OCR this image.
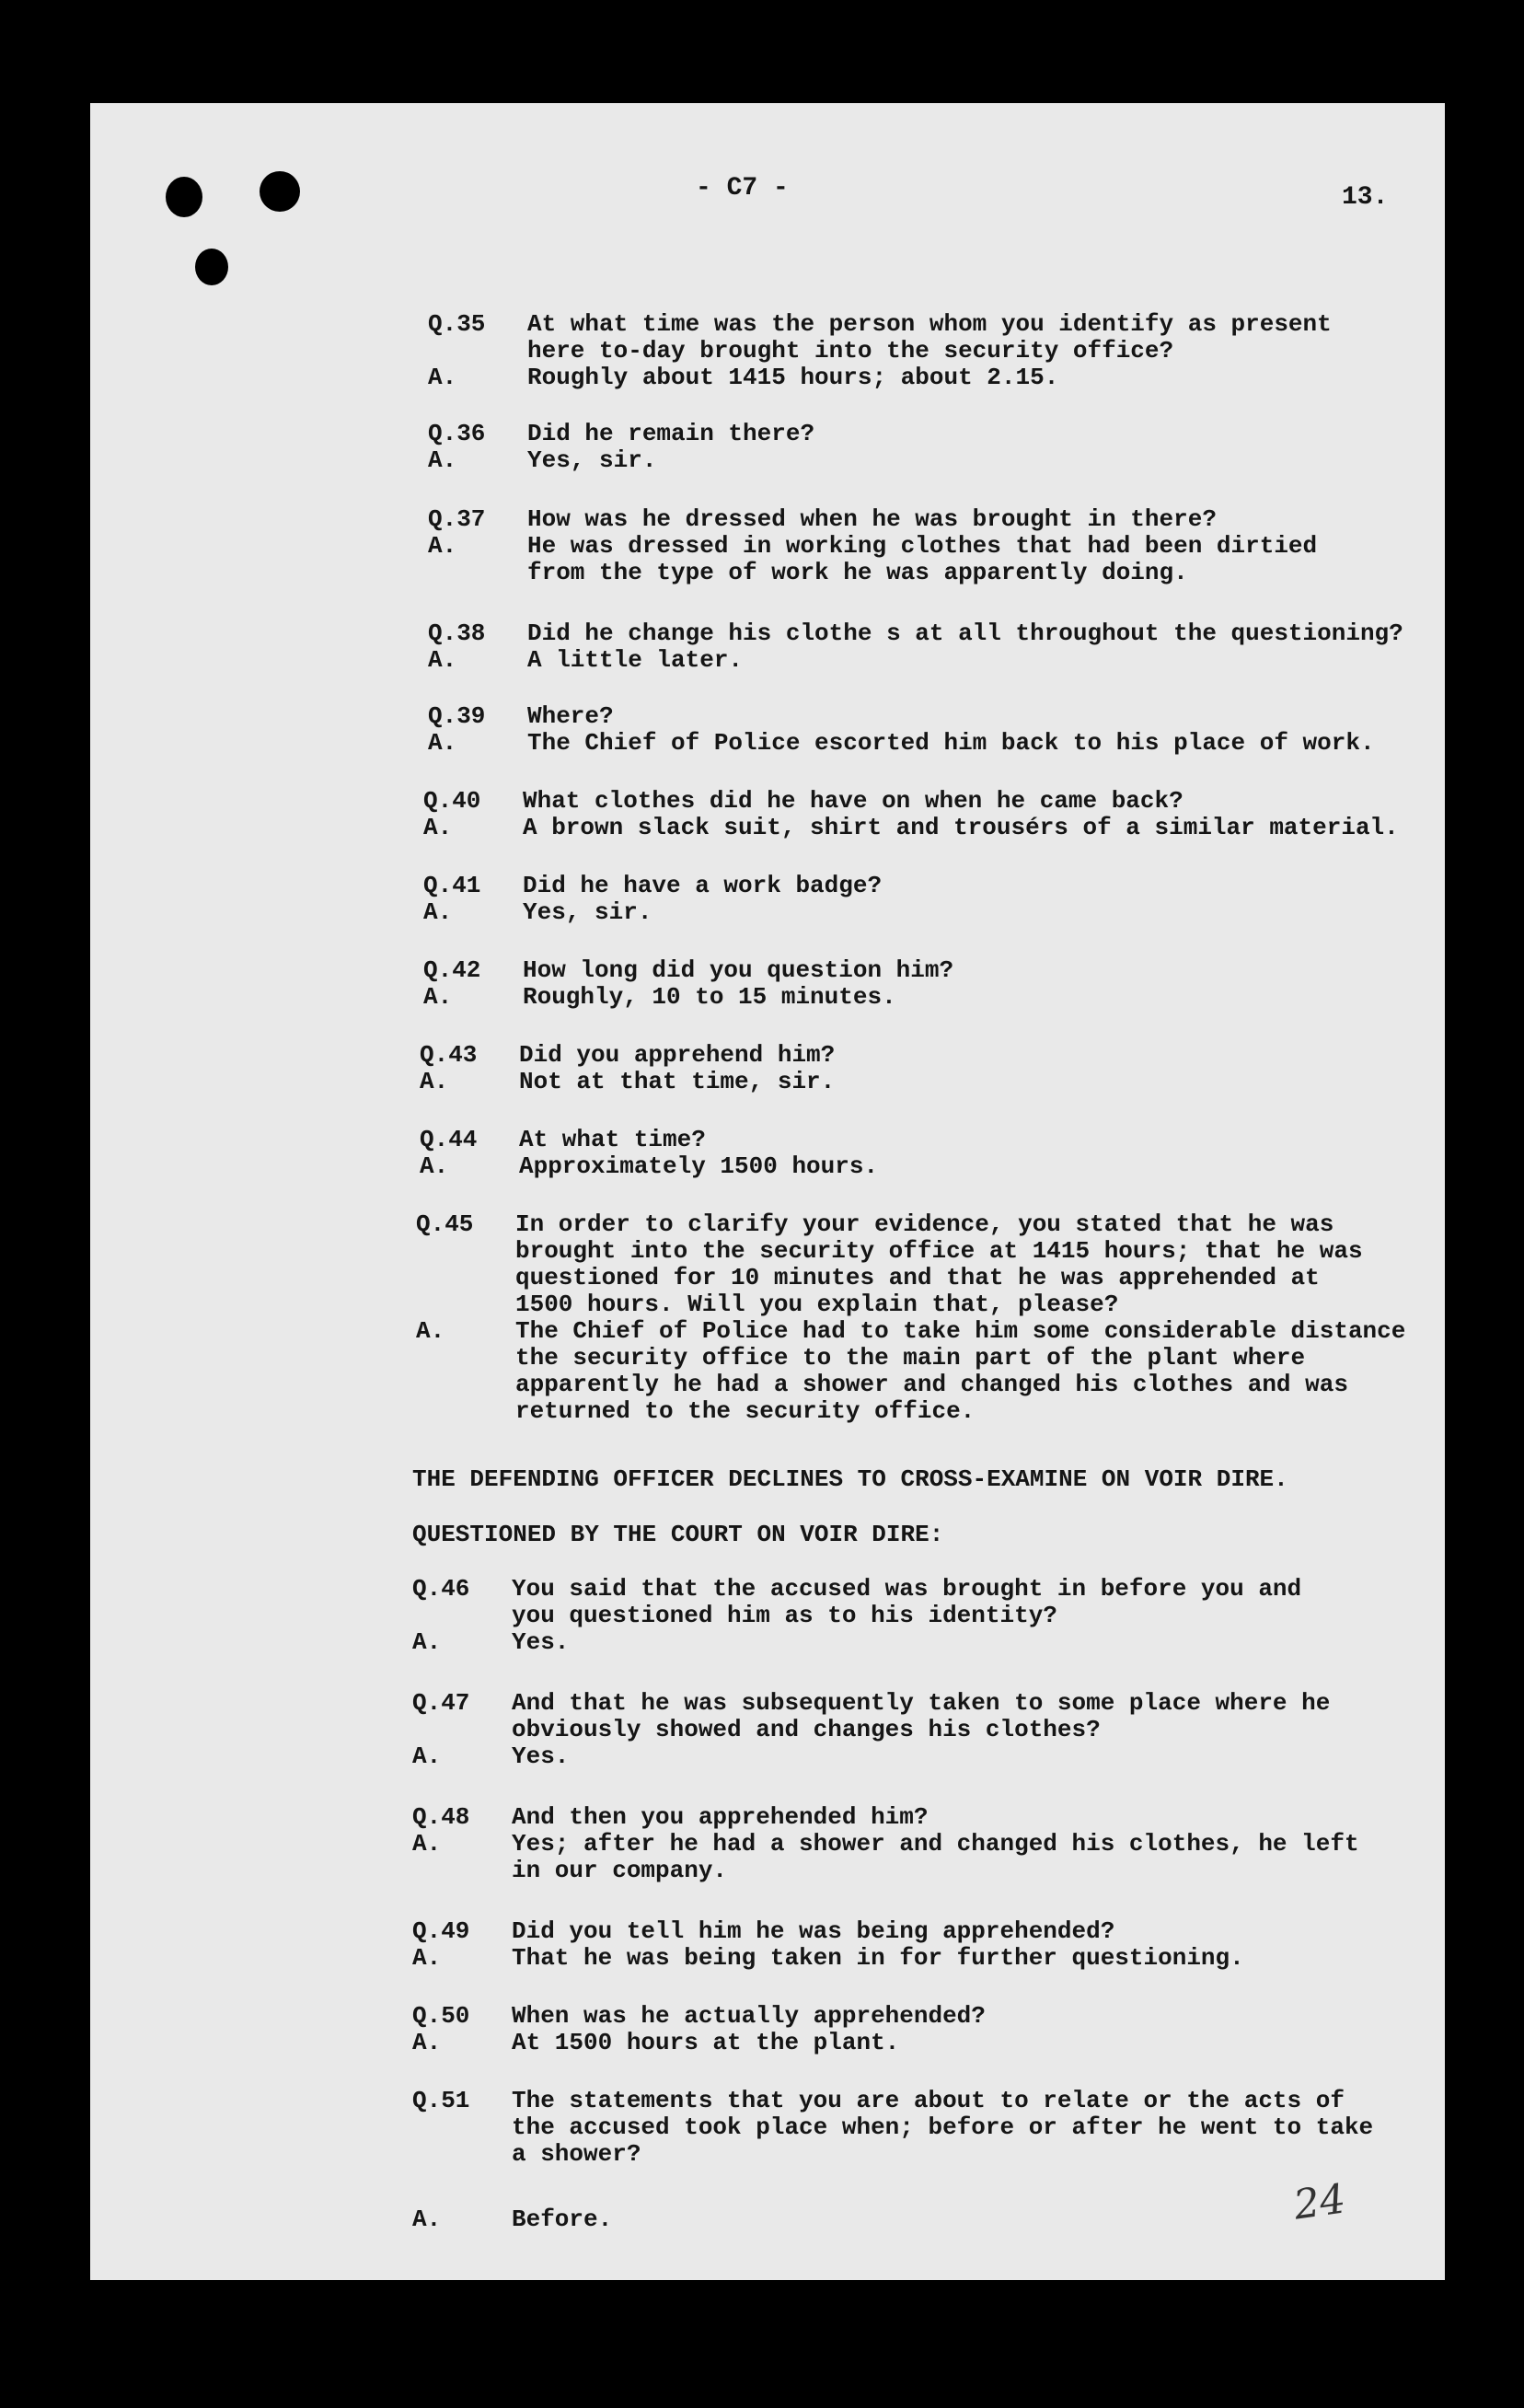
- C7 -	13.
Q.35	At what time was the person whom you identify as present
here to-day brought into the security office?
A.	Roughly about 1415 hours; about 2.15.
Q.36	Did he remain there?
A.	Yes, sir.
Q.37	How was he dressed when he was brought in there?
A.	He was dressed in working clothes that had been dirtied
from the type of work he was apparently doing.
Q.38	Did he change his clothe s at all throughout the questioning?
A.	A little later.
Q.39	Where?
A.	The Chief of Police escorted him back to his place of work.
Q.40	What clothes did he have on when he came back?
A.	A brown slack suit, shirt and trousérs of a similar material.
Q.41	Did he have a work badge?
A.	Yes, sir.
Q.42	How long did you question him?
A.	Roughly, 10 to 15 minutes.
Q.43	Did you apprehend him?
A.	Not at that time, sir.
Q.44	At what time?
A.	Approximately 1500 hours.
Q.45	In order to clarify your evidence, you stated that he was
brought into the security office at 1415 hours; that he was
questioned for 10 minutes and that he was apprehended at
1500 hours. Will you explain that, please?
A.	The Chief of Police had to take him some considerable distance
the security office to the main part of the plant where
apparently he had a shower and changed his clothes and was
returned to the security office.
THE DEFENDING OFFICER DECLINES TO CROSS-EXAMINE ON VOIR DIRE.
QUESTIONED BY THE COURT ON VOIR DIRE:
Q.46	You said that the accused was brought in before you and
you questioned him as to his identity?
A.	Yes.
Q.47	And that he was subsequently taken to some place where he
obviously showed and changes his clothes?
A.	Yes.
Q.48	And then you apprehended him?
A.	Yes; after he had a shower and changed his clothes, he left
in our company.
Q.49	Did you tell him he was being apprehended?
A.	That he was being taken in for further questioning.
Q.50	When was he actually apprehended?
A.	At 1500 hours at the plant.
Q.51	The statements that you are about to relate or the acts of
the accused took place when; before or after he went to take
a shower?
A.	Before.	24
